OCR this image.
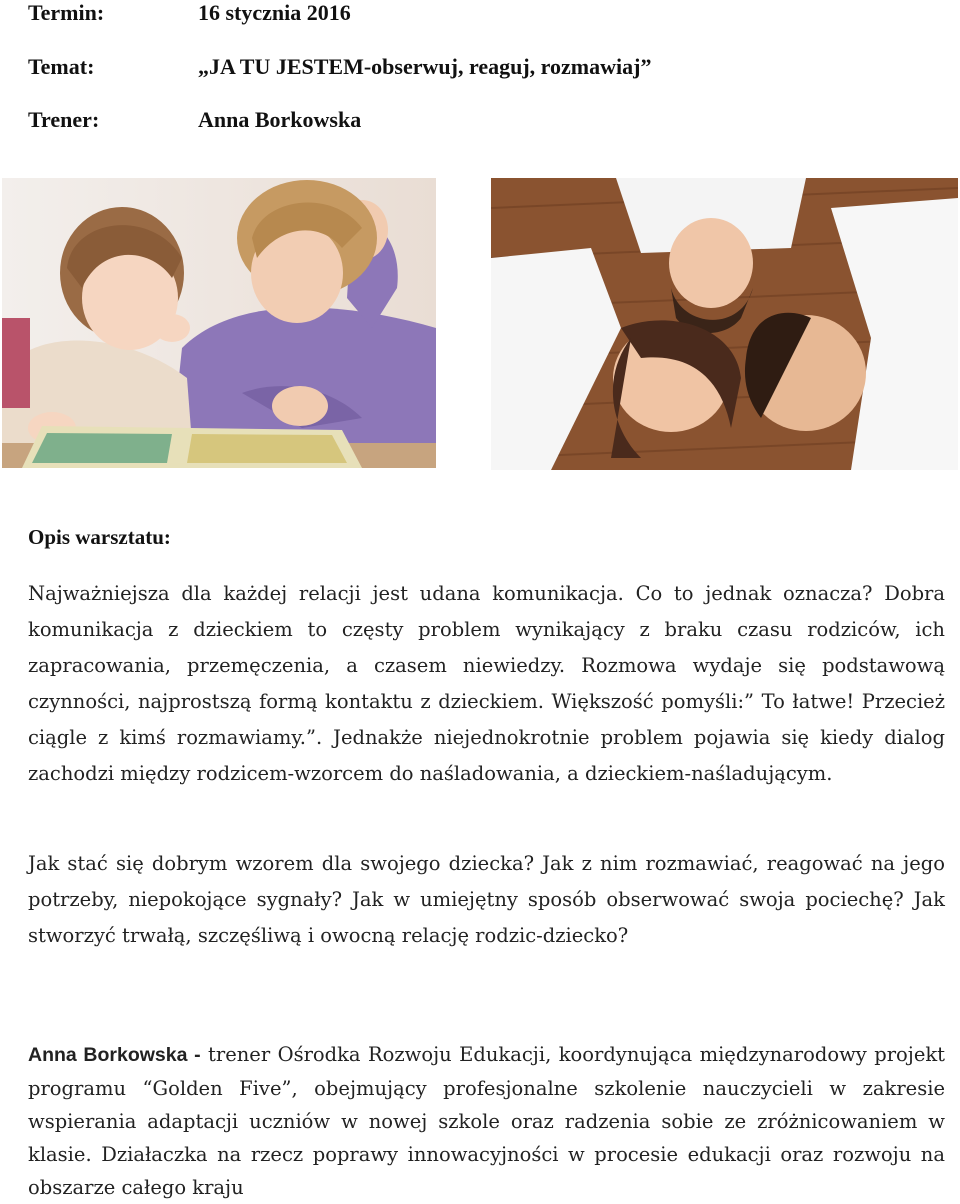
Termin:	16 stycznia 2016
Temat:	„JA TU JESTEM-obserwuj, reaguj, rozmawiaj”
Trener:	Anna Borkowska
Opis warsztatu:
Najważniejsza dla każdej relacji jest udana komunikacja. Co to jednak oznacza? Dobra komunikacja z dzieckiem to częsty problem wynikający z braku czasu rodziców, ich zapracowania, przemęczenia, a czasem niewiedzy. Rozmowa wydaje się podstawową czynności, najprostszą formą kontaktu z dzieckiem. Większość pomyśli:” To łatwe! Przecież ciągle z kimś rozmawiamy.”. Jednakże niejednokrotnie problem pojawia się kiedy dialog zachodzi między rodzicem-wzorcem do naśladowania, a dzieckiem-naśladującym.
Jak stać się dobrym wzorem dla swojego dziecka? Jak z nim rozmawiać, reagować na jego potrzeby, niepokojące sygnały? Jak w umiejętny sposób obserwować swoja pociechę? Jak stworzyć trwałą, szczęśliwą i owocną relację rodzic-dziecko?
Anna Borkowska - trener Ośrodka Rozwoju Edukacji, koordynująca międzynarodowy projekt programu “Golden Five”, obejmujący profesjonalne szkolenie nauczycieli w zakresie wspierania adaptacji uczniów w nowej szkole oraz radzenia sobie ze zróżnicowaniem w klasie. Działaczka na rzecz poprawy innowacyjności w procesie edukacji oraz rozwoju na obszarze całego kraju
